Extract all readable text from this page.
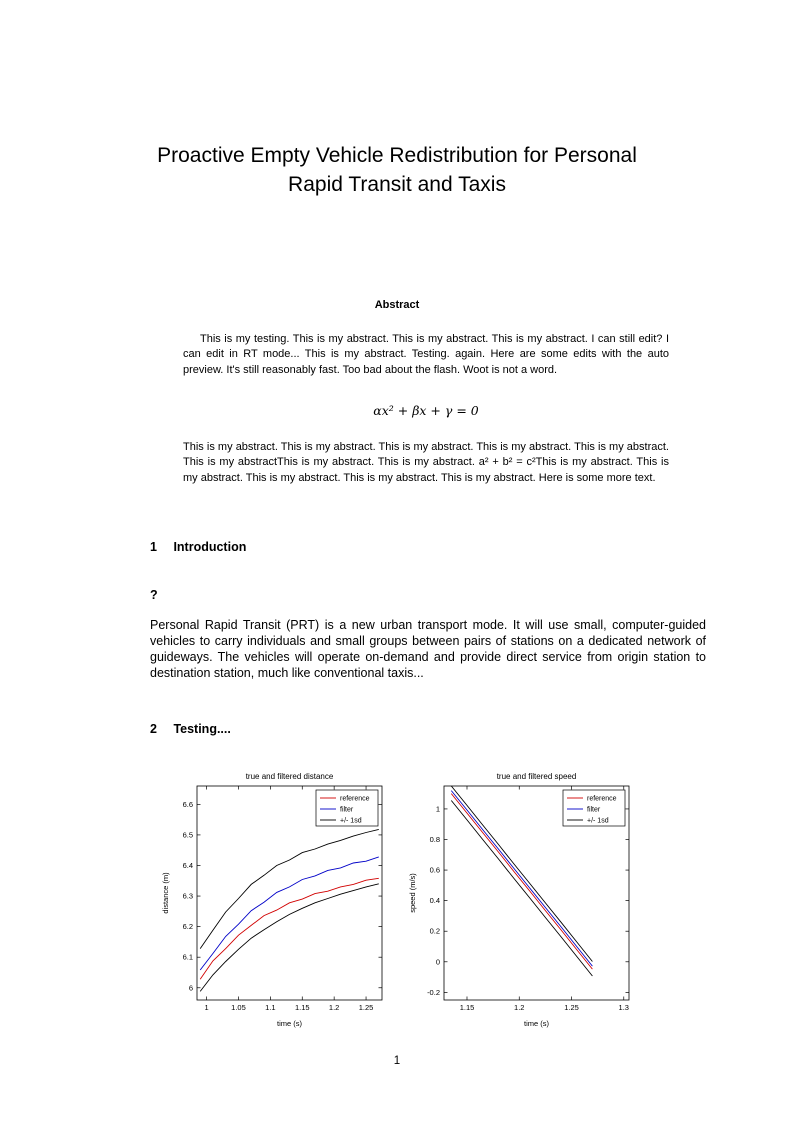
Proactive Empty Vehicle Redistribution for Personal
Rapid Transit and Taxis
Abstract

This is my testing. This is my abstract. This is my abstract. This is my abstract. I can still edit? I can edit in RT mode... This is my abstract. Testing. again. Here are some edits with the auto preview. It's still reasonably fast. Too bad about the flash. Woot is not a word.

αx² + βx + γ = 0

This is my abstract. This is my abstract. This is my abstract. This is my abstract. This is my abstract. This is my abstractThis is my abstract. This is my abstract. a² + b² = c²This is my abstract. This is my abstract. This is my abstract. This is my abstract. This is my abstract. Here is some more text.

1 Introduction

?

Personal Rapid Transit (PRT) is a new urban transport mode. It will use small, computer-guided vehicles to carry individuals and small groups between pairs of stations on a dedicated network of guideways. The vehicles will operate on-demand and provide direct service from origin station to destination station, much like conventional taxis...

2 Testing....
1	1.05	1.1	1.15	1.2	1.25
6
6.1
6.2
6.3
6.4
6.5
6.6
true and filtered distance
time (s)
distance (m)
reference
filter
+/- 1sd
1.15	1.2	1.25	1.3
-0.2
0
0.2
0.4
0.6
0.8
1
true and filtered speed
time (s)
speed (m/s)
reference
filter
+/- 1sd
1
